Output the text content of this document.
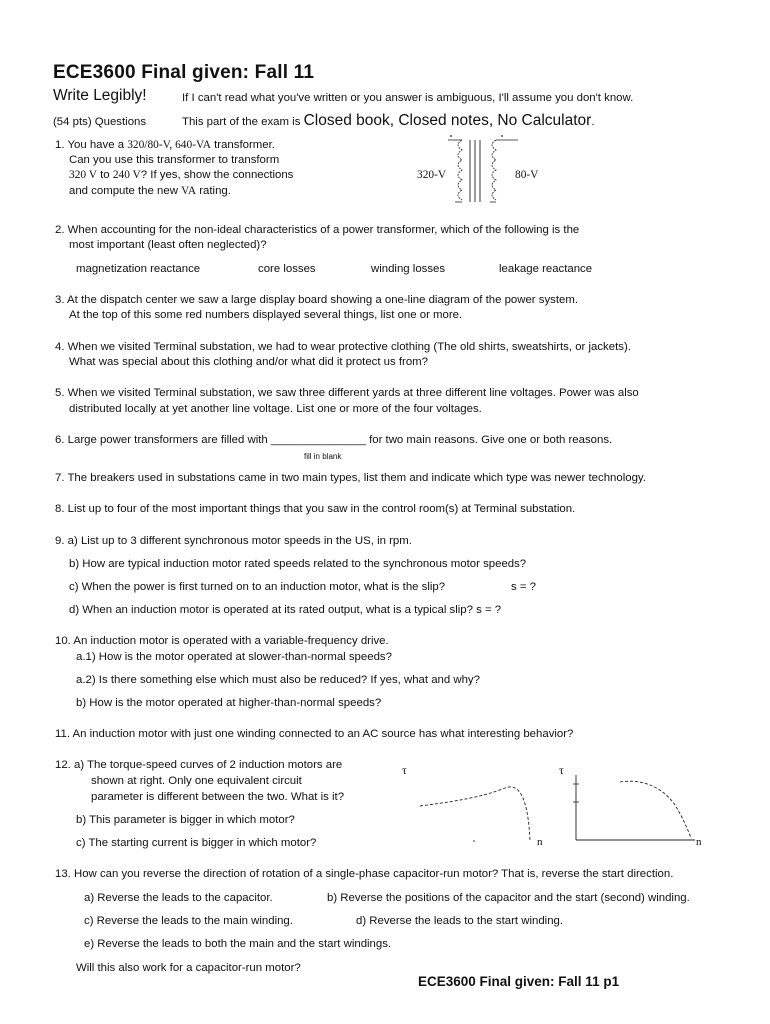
ECE3600 Final given: Fall 11
Write Legibly!	If I can't read what you've written or you answer is ambiguous, I'll assume you don't know.
(54 pts) Questions	This part of the exam is Closed book, Closed notes, No Calculator.
1. You have a 320/80-V, 640-VA transformer.
Can you use this transformer to transform
320 V to 240 V? If yes, show the connections
and compute the new VA rating.
320-V	80-V
2. When accounting for the non-ideal characteristics of a power transformer, which of the following is the
most important (least often neglected)?
magnetization reactance	core losses	winding losses	leakage reactance
3. At the dispatch center we saw a large display board showing a one-line diagram of the power system.
At the top of this some red numbers displayed several things, list one or more.
4. When we visited Terminal substation, we had to wear protective clothing (The old shirts, sweatshirts, or jackets).
What was special about this clothing and/or what did it protect us from?
5. When we visited Terminal substation, we saw three different yards at three different line voltages. Power was also
distributed locally at yet another line voltage. List one or more of the four voltages.
6. Large power transformers are filled with _______________ for two main reasons. Give one or both reasons.
fill in blank
7. The breakers used in substations came in two main types, list them and indicate which type was newer technology.
8. List up to four of the most important things that you saw in the control room(s) at Terminal substation.
9. a) List up to 3 different synchronous motor speeds in the US, in rpm.
b) How are typical induction motor rated speeds related to the synchronous motor speeds?
c) When the power is first turned on to an induction motor, what is the slip?	s = ?
d) When an induction motor is operated at its rated output, what is a typical slip? s = ?
10. An induction motor is operated with a variable-frequency drive.
a.1) How is the motor operated at slower-than-normal speeds?
a.2) Is there something else which must also be reduced? If yes, what and why?
b) How is the motor operated at higher-than-normal speeds?
11. An induction motor with just one winding connected to an AC source has what interesting behavior?
12. a) The torque-speed curves of 2 induction motors are
shown at right. Only one equivalent circuit
parameter is different between the two. What is it?
b) This parameter is bigger in which motor?
c) The starting current is bigger in which motor?
τ
n
τ
n
13. How can you reverse the direction of rotation of a single-phase capacitor-run motor? That is, reverse the start direction.
a) Reverse the leads to the capacitor.	b) Reverse the positions of the capacitor and the start (second) winding.
c) Reverse the leads to the main winding.	d) Reverse the leads to the start winding.
e) Reverse the leads to both the main and the start windings.
Will this also work for a capacitor-run motor?
ECE3600 Final given: Fall 11 p1
